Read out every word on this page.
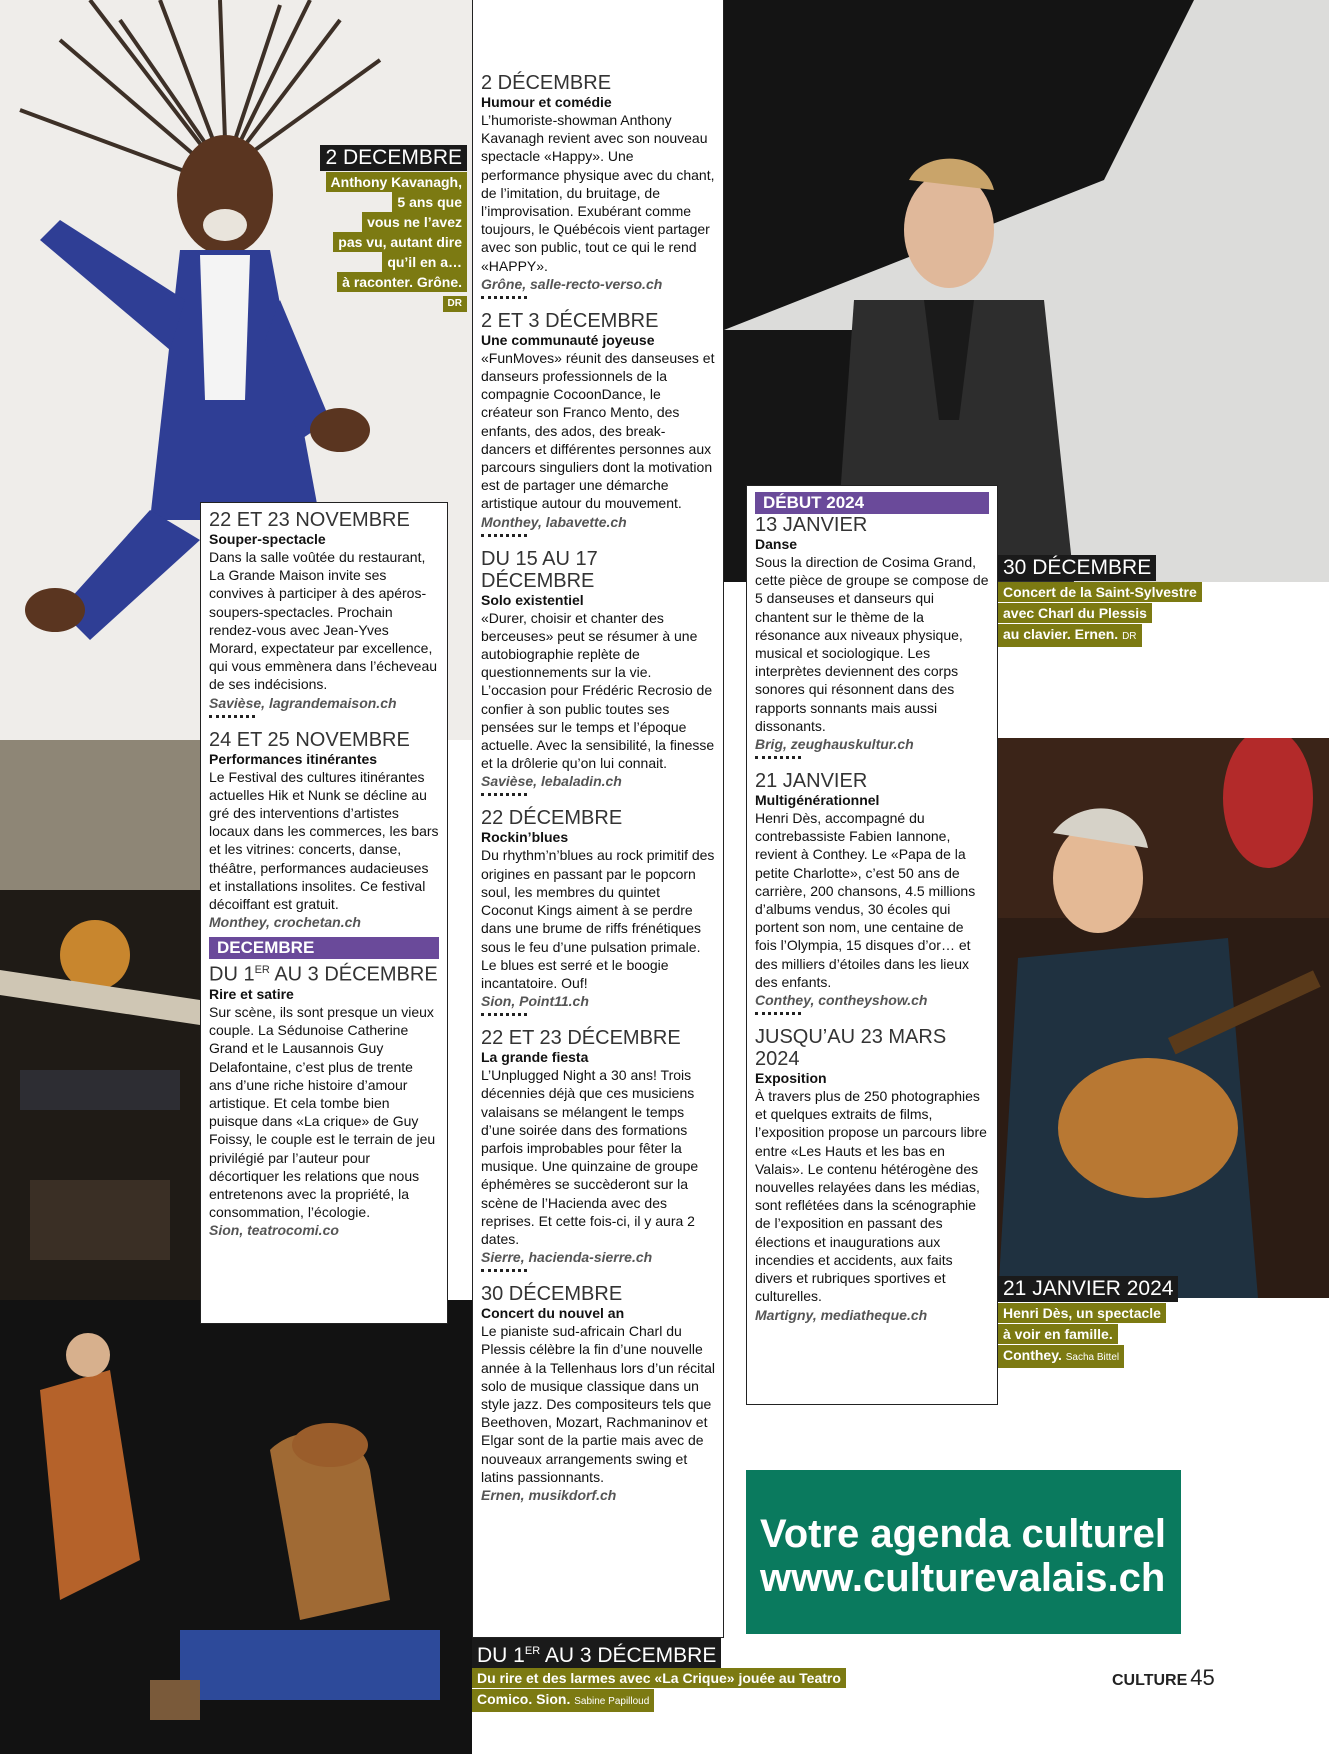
2 DECEMBRE
Anthony Kavanagh,
5 ans que
vous ne l’avez
pas vu, autant dire
qu’il en a…
à raconter. Grône.
DR
30 DÉCEMBRE
Concert de la Saint-Sylvestre
avec Charl du Plessis
au clavier. Ernen. DR
21 JANVIER 2024
Henri Dès, un spectacle
à voir en famille.
Conthey. Sacha Bittel
DU 1ER AU 3 DÉCEMBRE
Du rire et des larmes avec «La Crique» jouée au Teatro
Comico. Sion. Sabine Papilloud
22 ET 23 NOVEMBRE
Souper-spectacle
Dans la salle voûtée du restaurant, La Grande Maison invite ses convives à participer à des apéros-soupers-spectacles. Prochain rendez-vous avec Jean-Yves Morard, expectateur par excellence, qui vous emmènera dans l’écheveau de ses indécisions.
Savièse, lagrandemaison.ch
24 ET 25 NOVEMBRE
Performances itinérantes
Le Festival des cultures itinérantes actuelles Hik et Nunk se décline au gré des interventions d’artistes locaux dans les commerces, les bars et les vitrines: concerts, danse, théâtre, performances audacieuses et installations insolites. Ce festival décoiffant est gratuit.
Monthey, crochetan.ch
DECEMBRE
DU 1ER AU 3 DÉCEMBRE
Rire et satire
Sur scène, ils sont presque un vieux couple. La Sédunoise Catherine Grand et le Lausannois Guy Delafontaine, c’est plus de trente ans d’une riche histoire d’amour artistique. Et cela tombe bien puisque dans «La crique» de Guy Foissy, le couple est le terrain de jeu privilégié par l’auteur pour décortiquer les relations que nous entretenons avec la propriété, la consommation, l’écologie.
Sion, teatrocomi.co
2 DÉCEMBRE
Humour et comédie
L’humoriste-showman Anthony Kavanagh revient avec son nouveau spectacle «Happy». Une performance physique avec du chant, de l’imitation, du bruitage, de l’improvisation. Exubérant comme toujours, le Québécois vient partager avec son public, tout ce qui le rend «HAPPY».
Grône, salle-recto-verso.ch
2 ET 3 DÉCEMBRE
Une communauté joyeuse
«FunMoves» réunit des danseuses et danseurs professionnels de la compagnie CocoonDance, le créateur son Franco Mento, des enfants, des ados, des break-dancers et différentes personnes aux parcours singuliers dont la motivation est de partager une démarche artistique autour du mouvement.
Monthey, labavette.ch
DU 15 AU 17 DÉCEMBRE
Solo existentiel
«Durer, choisir et chanter des berceuses» peut se résumer à une autobiographie replète de questionnements sur la vie. L’occasion pour Frédéric Recrosio de confier à son public toutes ses pensées sur le temps et l’époque actuelle. Avec la sensibilité, la finesse et la drôlerie qu’on lui connait.
Savièse, lebaladin.ch
22 DÉCEMBRE
Rockin’blues
Du rhythm’n’blues au rock primitif des origines en passant par le popcorn soul, les membres du quintet Coconut Kings aiment à se perdre dans une brume de riffs frénétiques sous le feu d’une pulsation primale. Le blues est serré et le boogie incantatoire. Ouf!
Sion, Point11.ch
22 ET 23 DÉCEMBRE
La grande fiesta
L’Unplugged Night a 30 ans! Trois décennies déjà que ces musiciens valaisans se mélangent le temps d’une soirée dans des formations parfois improbables pour fêter la musique. Une quinzaine de groupe éphémères se succèderont sur la scène de l’Hacienda avec des reprises. Et cette fois-ci, il y aura 2 dates.
Sierre, hacienda-sierre.ch
30 DÉCEMBRE
Concert du nouvel an
Le pianiste sud-africain Charl du Plessis célèbre la fin d’une nouvelle année à la Tellenhaus lors d’un récital solo de musique classique dans un style jazz. Des compositeurs tels que Beethoven, Mozart, Rachmaninov et Elgar sont de la partie mais avec de nouveaux arrangements swing et latins passionnants.
Ernen, musikdorf.ch
DÉBUT 2024
13 JANVIER
Danse
Sous la direction de Cosima Grand, cette pièce de groupe se compose de 5 danseuses et danseurs qui chantent sur le thème de la résonance aux niveaux physique, musical et sociologique. Les interprètes deviennent des corps sonores qui résonnent dans des rapports sonnants mais aussi dissonants.
Brig, zeughauskultur.ch
21 JANVIER
Multigénérationnel
Henri Dès, accompagné du contrebassiste Fabien Iannone, revient à Conthey. Le «Papa de la petite Charlotte», c’est 50 ans de carrière, 200 chansons, 4.5 millions d’albums vendus, 30 écoles qui portent son nom, une centaine de fois l’Olympia, 15 disques d’or… et des milliers d’étoiles dans les lieux des enfants.
Conthey, contheyshow.ch
JUSQU’AU 23 MARS 2024
Exposition
À travers plus de 250 photographies et quelques extraits de films, l’exposition propose un parcours libre entre «Les Hauts et les bas en Valais». Le contenu hétérogène des nouvelles relayées dans les médias, sont reflétées dans la scénographie de l’exposition en passant des élections et inaugurations aux incendies et accidents, aux faits divers et rubriques sportives et culturelles.
Martigny, mediatheque.ch
Votre agenda culturel
www.culturevalais.ch
CULTURE 45
